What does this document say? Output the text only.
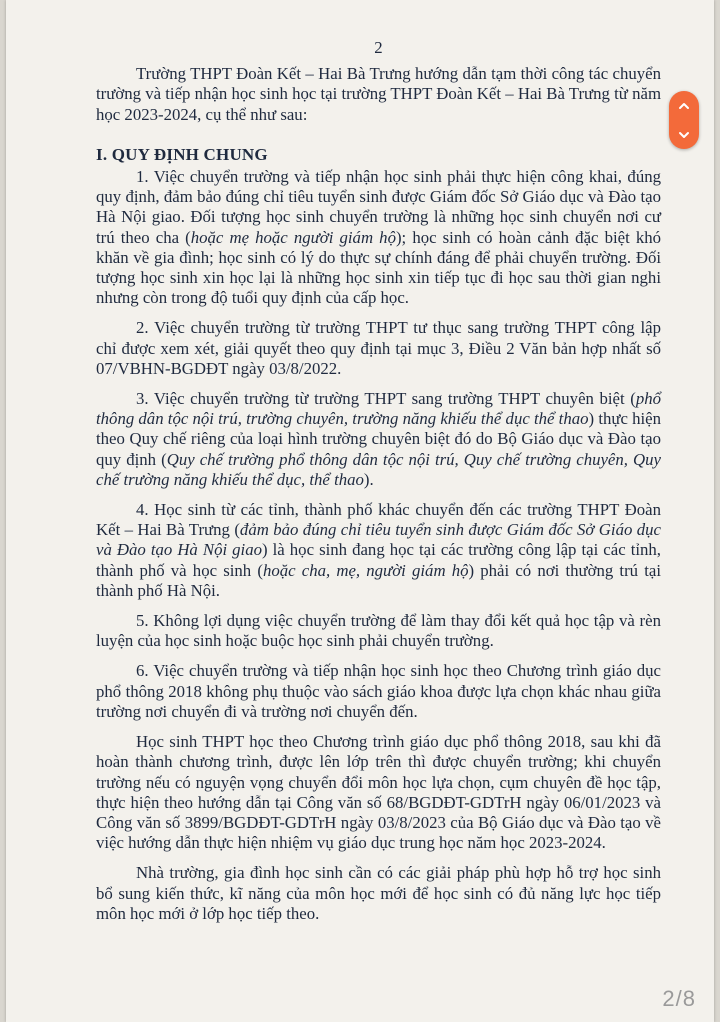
2

Trường THPT Đoàn Kết – Hai Bà Trưng hướng dẫn tạm thời công tác chuyển trường và tiếp nhận học sinh học tại trường THPT Đoàn Kết – Hai Bà Trưng từ năm học 2023-2024, cụ thể như sau:

I. QUY ĐỊNH CHUNG

1. Việc chuyển trường và tiếp nhận học sinh phải thực hiện công khai, đúng quy định, đảm bảo đúng chỉ tiêu tuyển sinh được Giám đốc Sở Giáo dục và Đào tạo Hà Nội giao. Đối tượng học sinh chuyển trường là những học sinh chuyển nơi cư trú theo cha (hoặc mẹ hoặc người giám hộ); học sinh có hoàn cảnh đặc biệt khó khăn về gia đình; học sinh có lý do thực sự chính đáng để phải chuyển trường. Đối tượng học sinh xin học lại là những học sinh xin tiếp tục đi học sau thời gian nghi nhưng còn trong độ tuổi quy định của cấp học.

2. Việc chuyển trường từ trường THPT tư thục sang trường THPT công lập chỉ được xem xét, giải quyết theo quy định tại mục 3, Điều 2 Văn bản hợp nhất số 07/VBHN-BGDĐT ngày 03/8/2022.

3. Việc chuyển trường từ trường THPT sang trường THPT chuyên biệt (phổ thông dân tộc nội trú, trường chuyên, trường năng khiếu thể dục thể thao) thực hiện theo Quy chế riêng của loại hình trường chuyên biệt đó do Bộ Giáo dục và Đào tạo quy định (Quy chế trường phổ thông dân tộc nội trú, Quy chế trường chuyên, Quy chế trường năng khiếu thể dục, thể thao).

4. Học sinh từ các tỉnh, thành phố khác chuyển đến các trường THPT Đoàn Kết – Hai Bà Trưng (đảm bảo đúng chỉ tiêu tuyển sinh được Giám đốc Sở Giáo dục và Đào tạo Hà Nội giao) là học sinh đang học tại các trường công lập tại các tỉnh, thành phố và học sinh (hoặc cha, mẹ, người giám hộ) phải có nơi thường trú tại thành phố Hà Nội.

5. Không lợi dụng việc chuyển trường để làm thay đổi kết quả học tập và rèn luyện của học sinh hoặc buộc học sinh phải chuyển trường.

6. Việc chuyển trường và tiếp nhận học sinh học theo Chương trình giáo dục phổ thông 2018 không phụ thuộc vào sách giáo khoa được lựa chọn khác nhau giữa trường nơi chuyển đi và trường nơi chuyển đến.

Học sinh THPT học theo Chương trình giáo dục phổ thông 2018, sau khi đã hoàn thành chương trình, được lên lớp trên thì được chuyển trường; khi chuyển trường nếu có nguyện vọng chuyển đổi môn học lựa chọn, cụm chuyên đề học tập, thực hiện theo hướng dẫn tại Công văn số 68/BGDĐT-GDTrH ngày 06/01/2023 và Công văn số 3899/BGDĐT-GDTrH ngày 03/8/2023 của Bộ Giáo dục và Đào tạo về việc hướng dẫn thực hiện nhiệm vụ giáo dục trung học năm học 2023-2024.

Nhà trường, gia đình học sinh cần có các giải pháp phù hợp hỗ trợ học sinh bổ sung kiến thức, kĩ năng của môn học mới để học sinh có đủ năng lực học tiếp môn học mới ở lớp học tiếp theo.

2/8
